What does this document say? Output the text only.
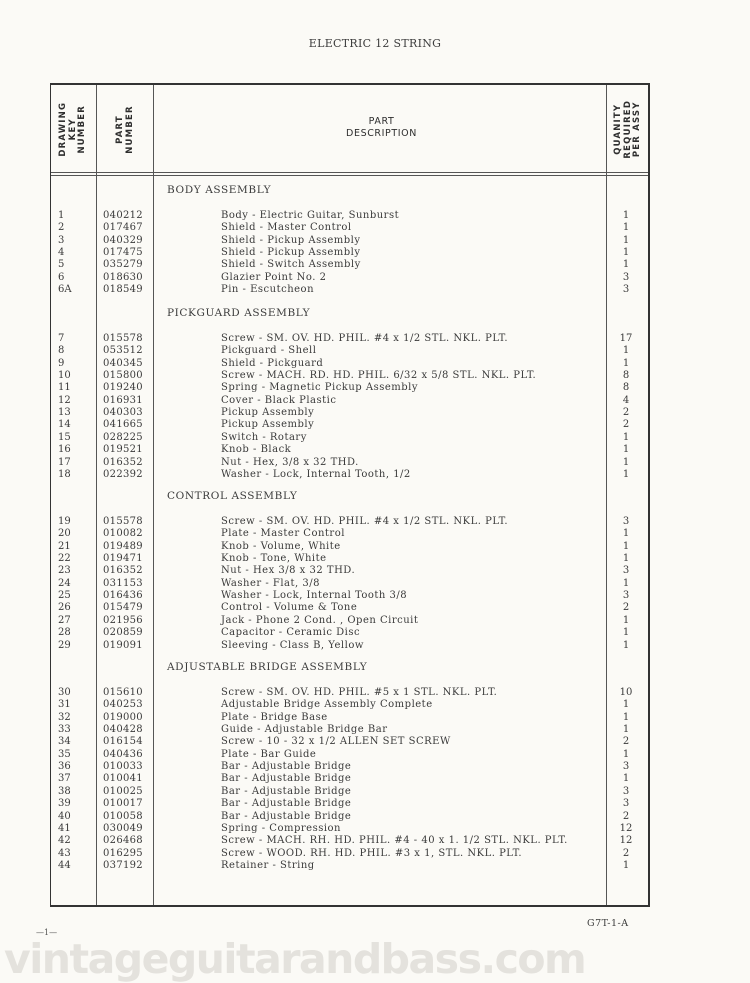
ELECTRIC 12 STRING
DRAWING KEY NUMBER	PART NUMBER	PART
DESCRIPTION	QUANITY REQUIRED PER ASSY
BODY ASSEMBLY
1	040212	Body - Electric Guitar, Sunburst	1
2	017467	Shield - Master Control	1
3	040329	Shield - Pickup Assembly	1
4	017475	Shield - Pickup Assembly	1
5	035279	Shield - Switch Assembly	1
6	018630	Glazier Point No. 2	3
6A	018549	Pin - Escutcheon	3
PICKGUARD ASSEMBLY
7	015578	Screw - SM. OV. HD. PHIL. #4 x 1/2 STL. NKL. PLT.	17
8	053512	Pickguard - Shell	1
9	040345	Shield - Pickguard	1
10	015800	Screw - MACH. RD. HD. PHIL. 6/32 x 5/8 STL. NKL. PLT.	8
11	019240	Spring - Magnetic Pickup Assembly	8
12	016931	Cover - Black Plastic	4
13	040303	Pickup Assembly	2
14	041665	Pickup Assembly	2
15	028225	Switch - Rotary	1
16	019521	Knob - Black	1
17	016352	Nut - Hex, 3/8 x 32 THD.	1
18	022392	Washer - Lock, Internal Tooth, 1/2	1
CONTROL ASSEMBLY
19	015578	Screw - SM. OV. HD. PHIL. #4 x 1/2 STL. NKL. PLT.	3
20	010082	Plate - Master Control	1
21	019489	Knob - Volume, White	1
22	019471	Knob - Tone, White	1
23	016352	Nut - Hex 3/8 x 32 THD.	3
24	031153	Washer - Flat, 3/8	1
25	016436	Washer - Lock, Internal Tooth 3/8	3
26	015479	Control - Volume & Tone	2
27	021956	Jack - Phone 2 Cond. , Open Circuit	1
28	020859	Capacitor - Ceramic Disc	1
29	019091	Sleeving - Class B, Yellow	1
ADJUSTABLE BRIDGE ASSEMBLY
30	015610	Screw - SM. OV. HD. PHIL. #5 x 1 STL. NKL. PLT.	10
31	040253	Adjustable Bridge Assembly Complete	1
32	019000	Plate - Bridge Base	1
33	040428	Guide - Adjustable Bridge Bar	1
34	016154	Screw - 10 - 32 x 1/2 ALLEN SET SCREW	2
35	040436	Plate - Bar Guide	1
36	010033	Bar - Adjustable Bridge	3
37	010041	Bar - Adjustable Bridge	1
38	010025	Bar - Adjustable Bridge	3
39	010017	Bar - Adjustable Bridge	3
40	010058	Bar - Adjustable Bridge	2
41	030049	Spring - Compression	12
42	026468	Screw - MACH. RH. HD. PHIL. #4 - 40 x 1. 1/2 STL. NKL. PLT.	12
43	016295	Screw - WOOD. RH. HD. PHIL. #3 x 1, STL. NKL. PLT.	2
44	037192	Retainer - String	1
G7T-1-A
—1—
vintageguitarandbass.com
